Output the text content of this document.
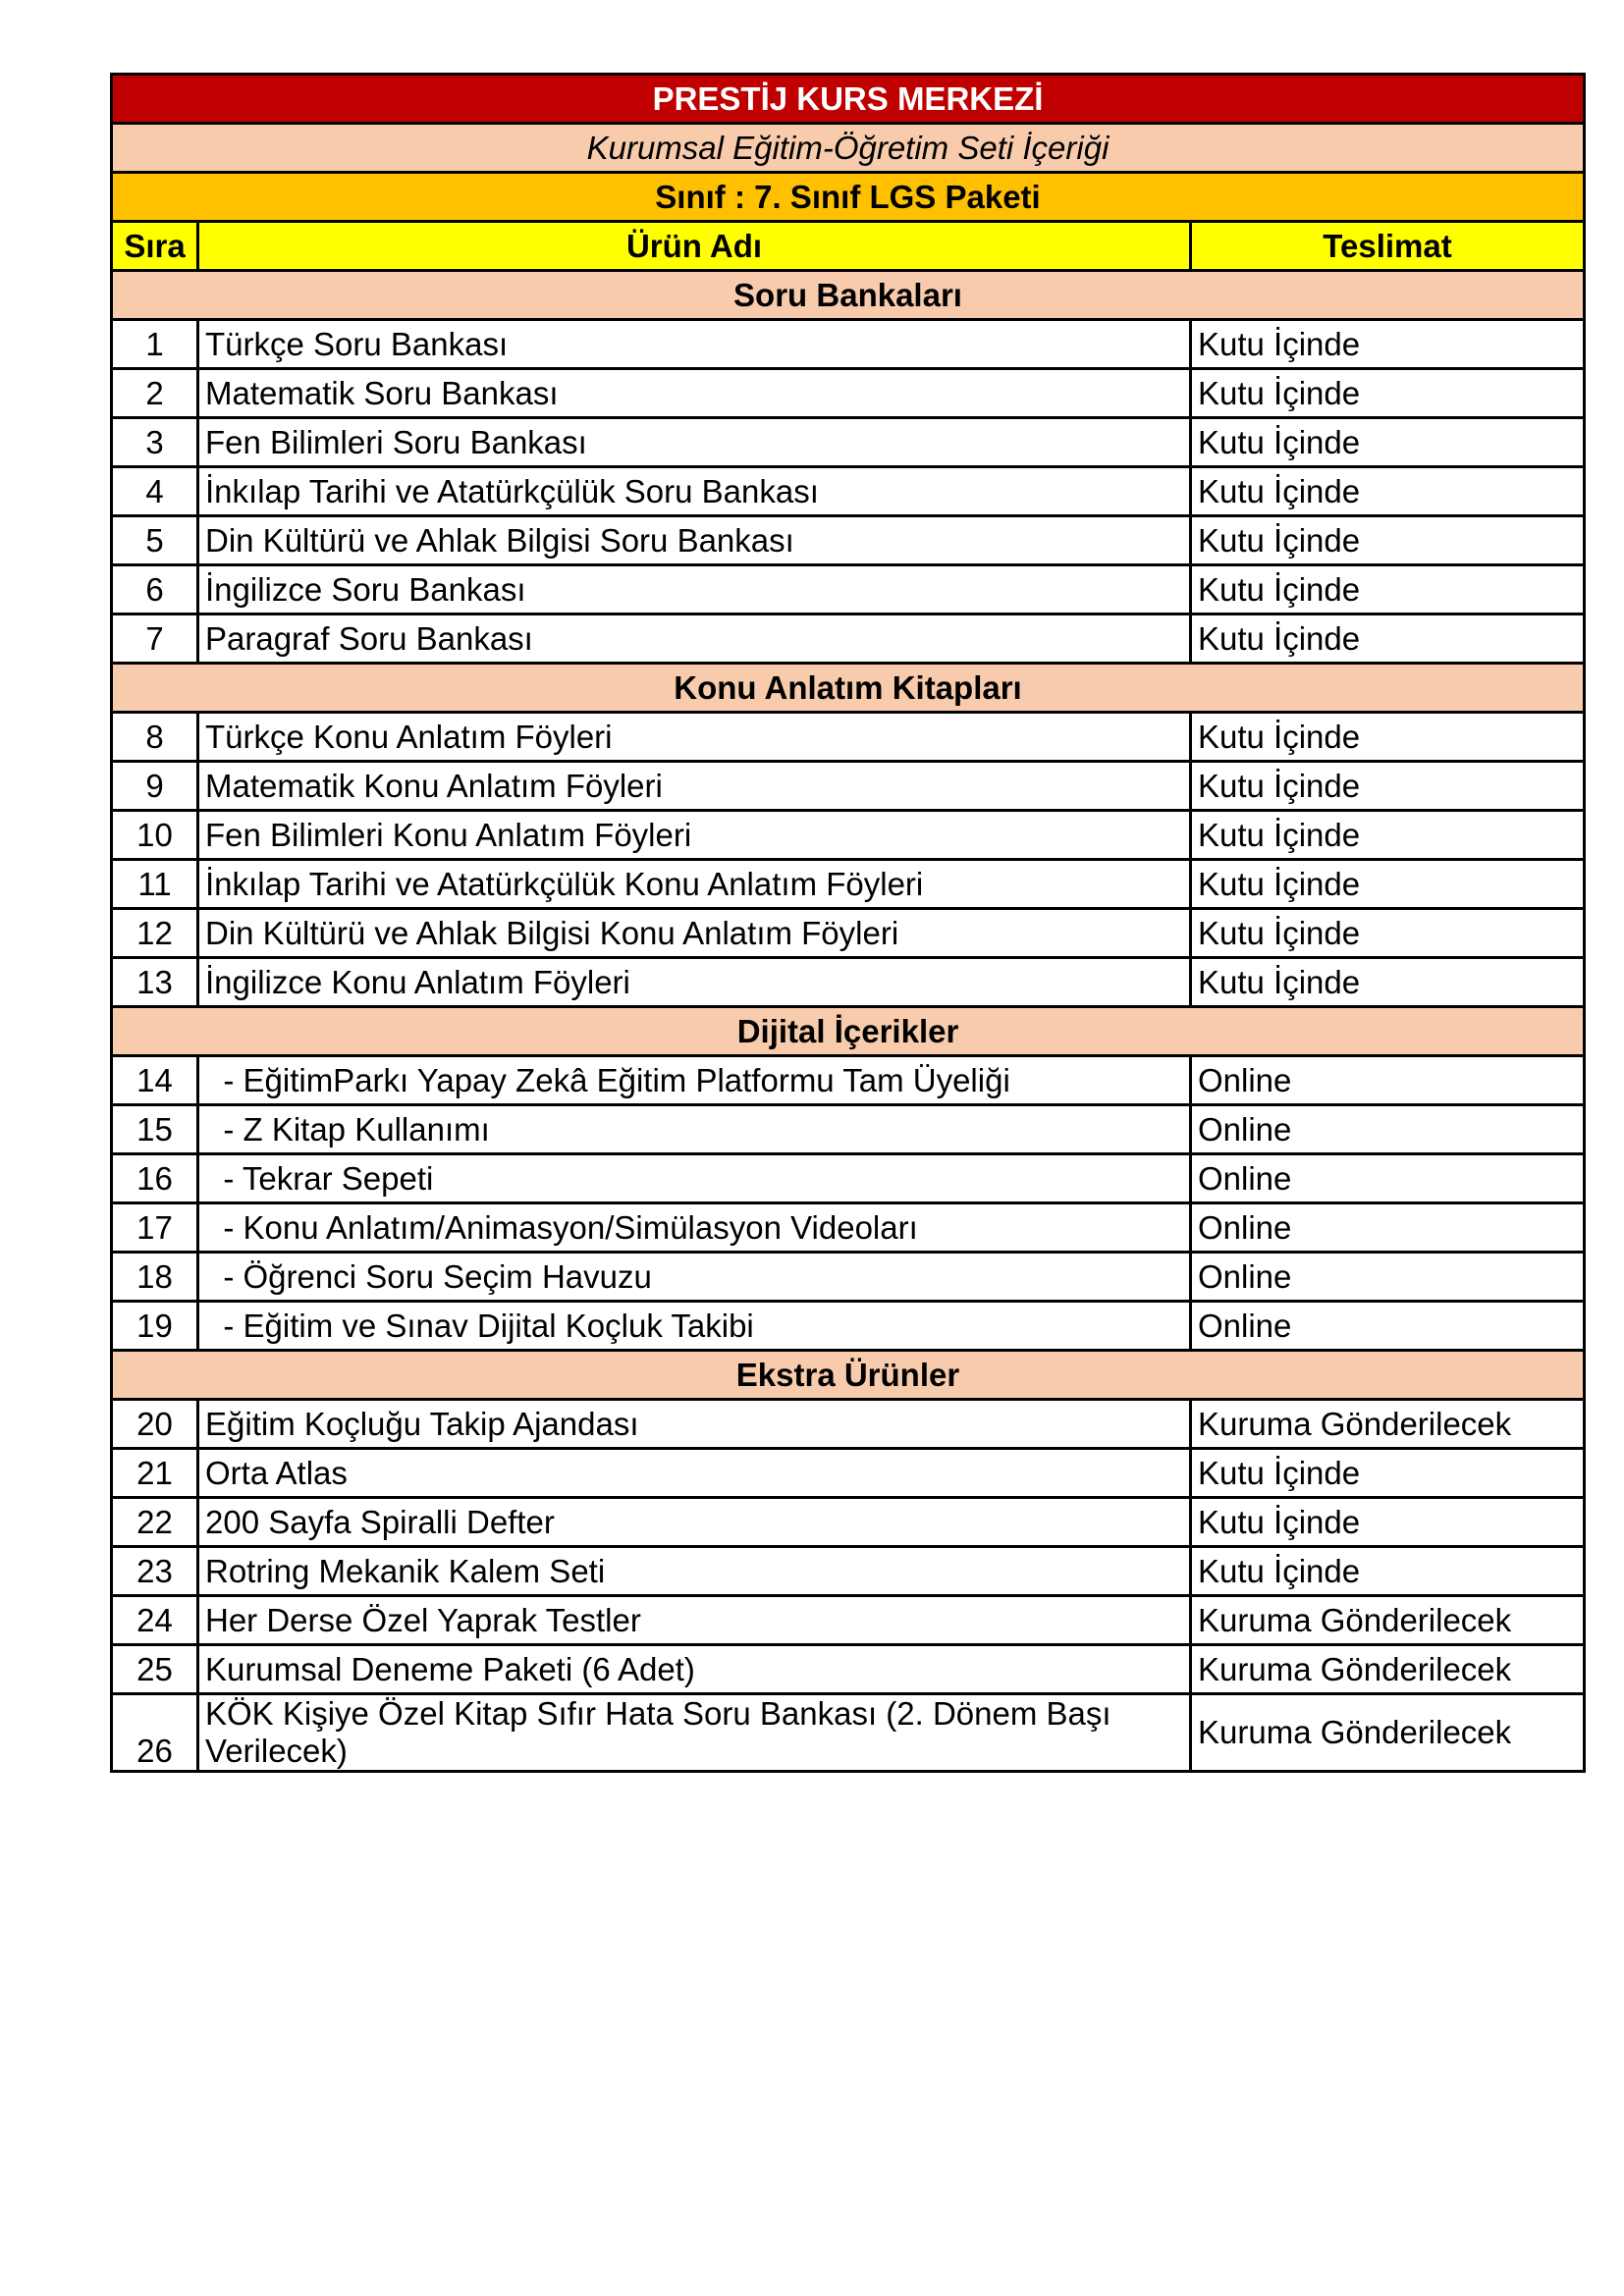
PRESTİJ KURS MERKEZİ		
Kurumsal Eğitim-Öğretim Seti İçeriği		
Sınıf : 7. Sınıf LGS Paketi		
Sıra	Ürün Adı	Teslimat
Soru Bankaları		
1	Türkçe Soru Bankası	Kutu İçinde
2	Matematik Soru Bankası	Kutu İçinde
3	Fen Bilimleri Soru Bankası	Kutu İçinde
4	İnkılap Tarihi ve Atatürkçülük Soru Bankası	Kutu İçinde
5	Din Kültürü ve Ahlak Bilgisi Soru Bankası	Kutu İçinde
6	İngilizce Soru Bankası	Kutu İçinde
7	Paragraf Soru Bankası	Kutu İçinde
Konu Anlatım Kitapları		
8	Türkçe Konu Anlatım Föyleri	Kutu İçinde
9	Matematik Konu Anlatım Föyleri	Kutu İçinde
10	Fen Bilimleri Konu Anlatım Föyleri	Kutu İçinde
11	İnkılap Tarihi ve Atatürkçülük Konu Anlatım Föyleri	Kutu İçinde
12	Din Kültürü ve Ahlak Bilgisi Konu Anlatım Föyleri	Kutu İçinde
13	İngilizce Konu Anlatım Föyleri	Kutu İçinde
Dijital İçerikler		
14	- EğitimParkı Yapay Zekâ Eğitim Platformu Tam Üyeliği	Online
15	- Z Kitap Kullanımı	Online
16	- Tekrar Sepeti	Online
17	- Konu Anlatım/Animasyon/Simülasyon Videoları	Online
18	- Öğrenci Soru Seçim Havuzu	Online
19	- Eğitim ve Sınav Dijital Koçluk Takibi	Online
Ekstra Ürünler		
20	Eğitim Koçluğu Takip Ajandası	Kuruma Gönderilecek
21	Orta Atlas	Kutu İçinde
22	200 Sayfa Spiralli Defter	Kutu İçinde
23	Rotring Mekanik Kalem Seti	Kutu İçinde
24	Her Derse Özel Yaprak Testler	Kuruma Gönderilecek
25	Kurumsal Deneme Paketi (6 Adet)	Kuruma Gönderilecek
26	KÖK Kişiye Özel Kitap Sıfır Hata Soru Bankası (2. Dönem Başı Verilecek)	Kuruma Gönderilecek
